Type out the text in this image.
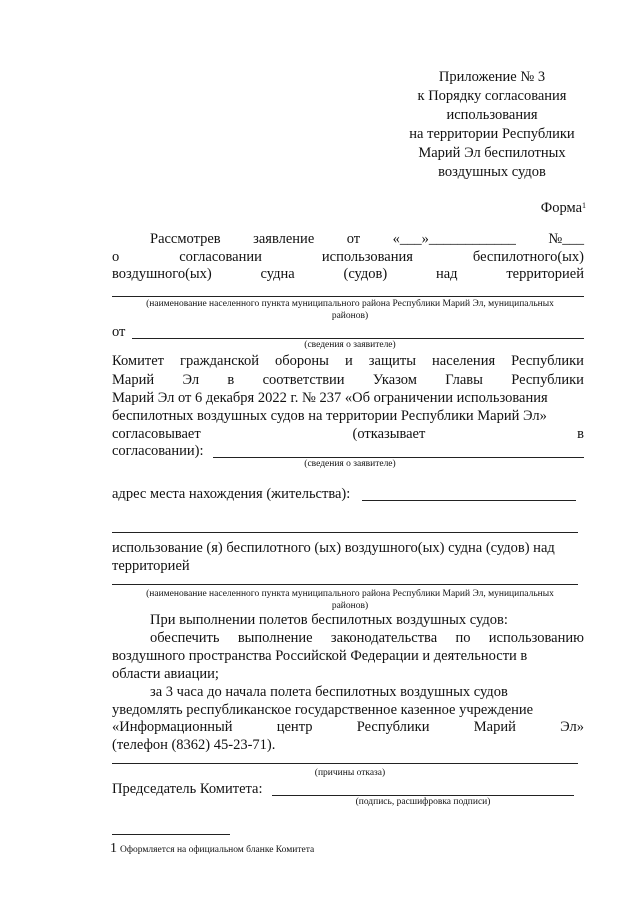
Приложение № 3
к Порядку согласования
использования
на территории Республики
Марий Эл беспилотных
воздушных судов
Форма$^1$
Рассмотрев заявление от «___»____________ №___
о	согласовании	использования	беспилотного(ых)
воздушного(ых)	судна	(судов)	над	территорией
(наименование населенного пункта муниципального района Республики Марий Эл, муниципальных
районов)
от
(сведения о заявителе)
Комитет гражданской обороны и защиты населения Республики
Марий Эл в соответствии Указом Главы Республики
Марий Эл от 6 декабря 2022 г. № 237 «Об ограничении использования
беспилотных воздушных судов на территории Республики Марий Эл»
согласовывает	(отказывает	в
согласовании):
(сведения о заявителе)
адрес места нахождения (жительства):
использование (я) беспилотного (ых) воздушного(ых) судна (судов) над
территорией
(наименование населенного пункта муниципального района Республики Марий Эл, муниципальных
районов)
При выполнении полетов беспилотных воздушных судов:
обеспечить выполнение законодательства по использованию
воздушного пространства Российской Федерации и деятельности в
области авиации;
за 3 часа до начала полета беспилотных воздушных судов
уведомлять республиканское государственное казенное учреждение
«Информационный	центр	Республики	Марий	Эл»
(телефон (8362) 45-23-71).
(причины отказа)
Председатель Комитета:
(подпись, расшифровка подписи)
1 Оформляется на официальном бланке Комитета
